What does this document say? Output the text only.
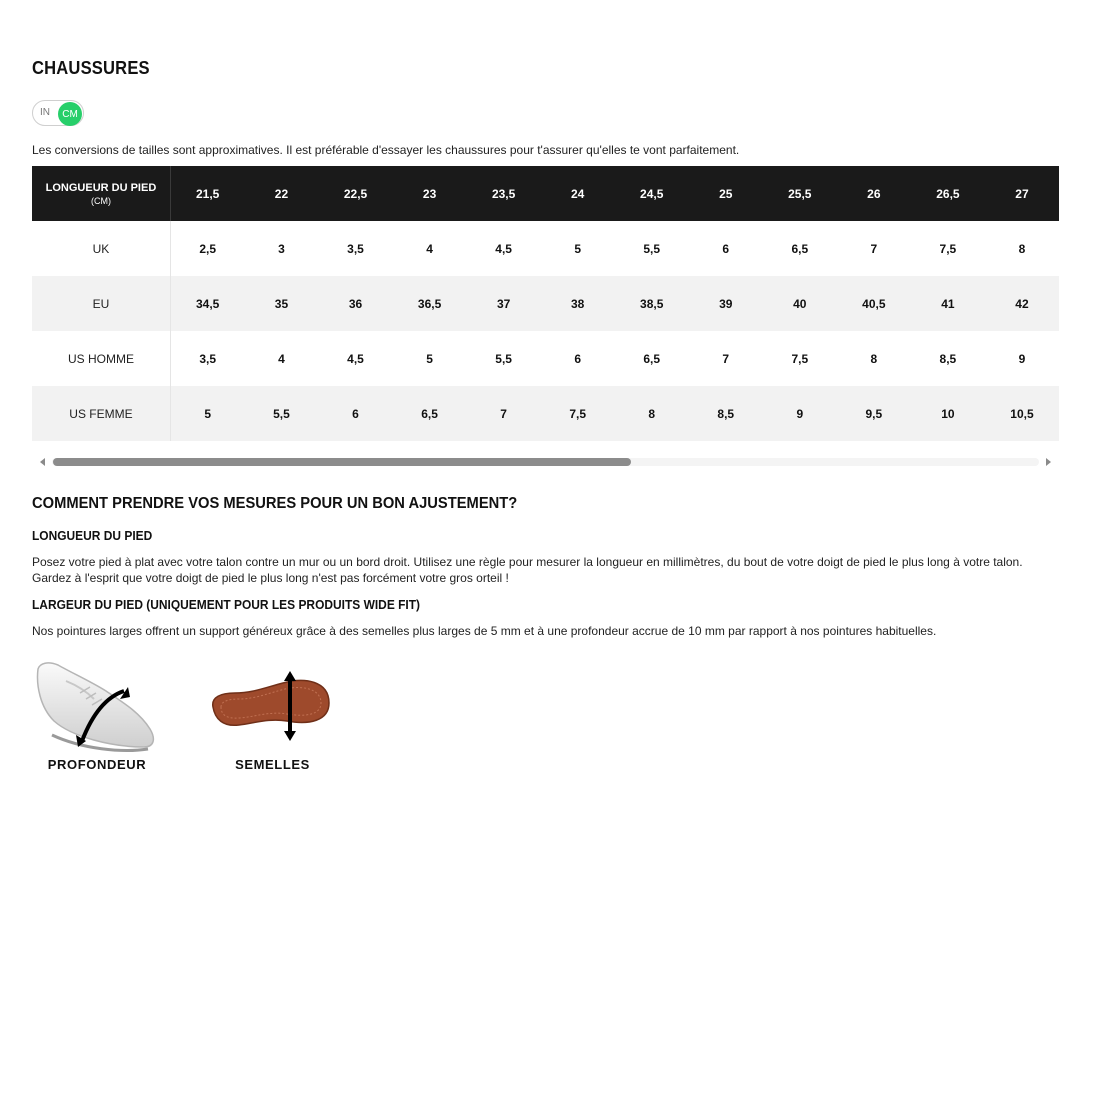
CHAUSSURES
IN	CM

Les conversions de tailles sont approximatives. Il est préférable d'essayer les chaussures pour t'assurer qu'elles te vont parfaitement.

LONGUEUR DU PIED
(CM)	21,5	22	22,5	23	23,5	24	24,5	25	25,5	26	26,5	27
UK	2,5	3	3,5	4	4,5	5	5,5	6	6,5	7	7,5	8
EU	34,5	35	36	36,5	37	38	38,5	39	40	40,5	41	42
US HOMME	3,5	4	4,5	5	5,5	6	6,5	7	7,5	8	8,5	9
US FEMME	5	5,5	6	6,5	7	7,5	8	8,5	9	9,5	10	10,5
COMMENT PRENDRE VOS MESURES POUR UN BON AJUSTEMENT?
LONGUEUR DU PIED

Posez votre pied à plat avec votre talon contre un mur ou un bord droit. Utilisez une règle pour mesurer la longueur en millimètres, du bout de votre doigt de pied le plus long à votre talon. Gardez à l'esprit que votre doigt de pied le plus long n'est pas forcément votre gros orteil !

LARGEUR DU PIED (UNIQUEMENT POUR LES PRODUITS WIDE FIT)

Nos pointures larges offrent un support généreux grâce à des semelles plus larges de 5 mm et à une profondeur accrue de 10 mm par rapport à nos pointures habituelles.

PROFONDEUR	SEMELLES
